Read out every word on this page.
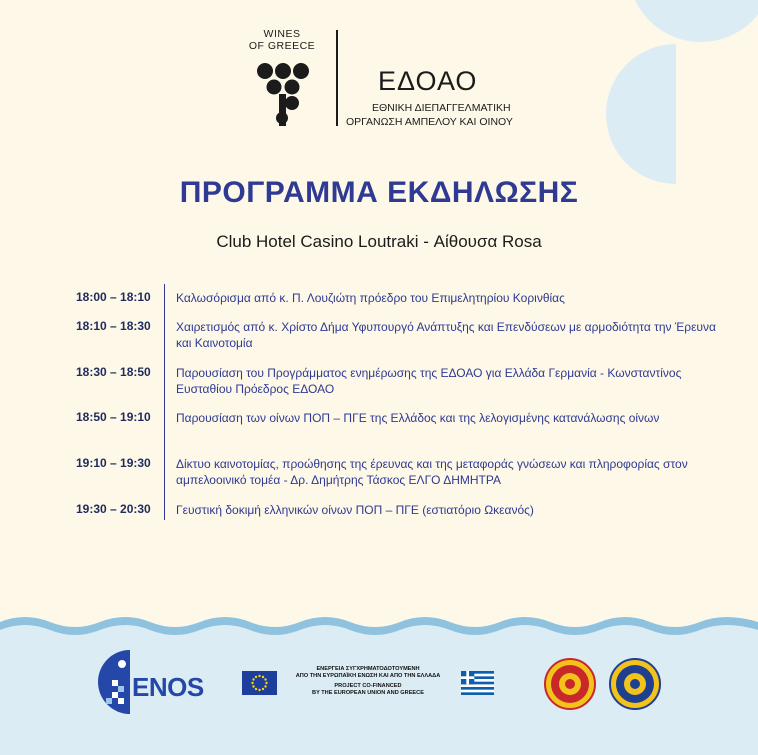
WINES
OF GREECE
ΕΔΟΑΟ
ΕΘΝΙΚΗ ΔΙΕΠΑΓΓΕΛΜΑΤΙΚΗ
ΟΡΓΑΝΩΣΗ ΑΜΠΕΛΟΥ ΚΑΙ ΟΙΝΟΥ
ΠΡΟΓΡΑΜΜΑ ΕΚΔΗΛΩΣΗΣ
Club Hotel Casino Loutraki - Αίθουσα Rosa
18:00 – 18:10	Καλωσόρισμα από κ. Π. Λουζιώτη πρόεδρο του Επιμελητηρίου Κορινθίας
18:10 – 18:30	Χαιρετισμός από κ. Χρίστο Δήμα Υφυπουργό Ανάπτυξης και Επενδύσεων με αρμοδιότητα την Έρευνα και Καινοτομία
18:30 – 18:50	Παρουσίαση του Προγράμματος ενημέρωσης της ΕΔΟΑΟ για Ελλάδα Γερμανία - Κωνσταντίνος Ευσταθίου Πρόεδρος ΕΔΟΑΟ
18:50 – 19:10	Παρουσίαση των οίνων ΠΟΠ – ΠΓΕ της Ελλάδος και της λελογισμένης κατανάλωσης οίνων
19:10 – 19:30	Δίκτυο καινοτομίας, προώθησης της έρευνας και της μεταφοράς γνώσεων και πληροφορίας στον αμπελοοινικό τομέα - Δρ. Δημήτρης Τάσκος ΕΛΓΟ ΔΗΜΗΤΡΑ
19:30 – 20:30	Γευστική δοκιμή ελληνικών οίνων ΠΟΠ – ΠΓΕ (εστιατόριο Ωκεανός)
ENOS
ΕΝΕΡΓΕΙΑ ΣΥΓΧΡΗΜΑΤΟΔΟΤΟΥΜΕΝΗ
ΑΠΟ ΤΗΝ ΕΥΡΩΠΑΪΚΗ ΕΝΩΣΗ ΚΑΙ ΑΠΟ ΤΗΝ ΕΛΛΑΔΑ
PROJECT CO-FINANCED
BY THE EUROPEAN UNION AND GREECE
